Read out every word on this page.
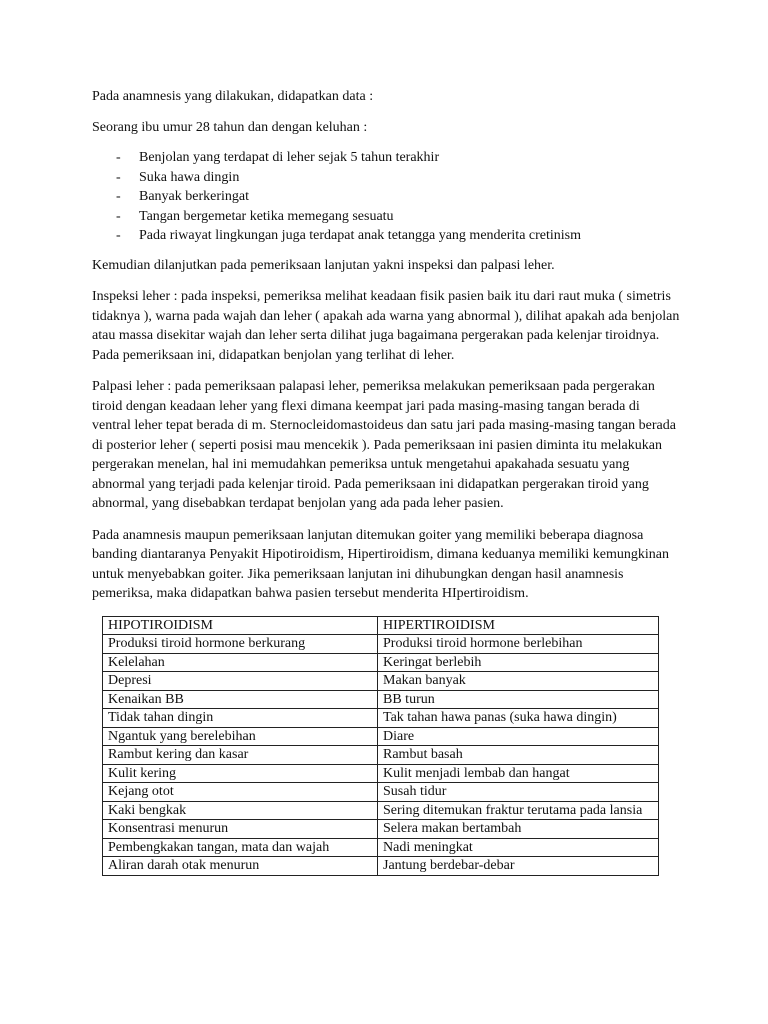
Pada anamnesis yang dilakukan, didapatkan data :

Seorang ibu umur 28 tahun dan dengan keluhan :

- Benjolan yang terdapat di leher sejak 5 tahun terakhir
- Suka hawa dingin
- Banyak berkeringat
- Tangan bergemetar ketika memegang sesuatu
- Pada riwayat lingkungan juga terdapat anak tetangga yang menderita cretinism

Kemudian dilanjutkan pada pemeriksaan lanjutan yakni inspeksi dan palpasi leher.

Inspeksi leher : pada inspeksi, pemeriksa melihat keadaan fisik pasien baik itu dari raut muka ( simetris tidaknya ), warna pada wajah dan leher ( apakah ada warna yang abnormal ), dilihat apakah ada benjolan atau massa disekitar wajah dan leher serta dilihat juga bagaimana pergerakan pada kelenjar tiroidnya. Pada pemeriksaan ini, didapatkan benjolan yang terlihat di leher.

Palpasi leher : pada pemeriksaan palapasi leher, pemeriksa melakukan pemeriksaan pada pergerakan tiroid dengan keadaan leher yang flexi dimana keempat jari pada masing-masing tangan berada di ventral leher tepat berada di m. Sternocleidomastoideus dan satu jari pada masing-masing tangan berada di posterior leher ( seperti posisi mau mencekik ). Pada pemeriksaan ini pasien diminta itu melakukan pergerakan menelan, hal ini memudahkan pemeriksa untuk mengetahui apakahada sesuatu yang abnormal yang terjadi pada kelenjar tiroid. Pada pemeriksaan ini didapatkan pergerakan tiroid yang abnormal, yang disebabkan terdapat benjolan yang ada pada leher pasien.

Pada anamnesis maupun pemeriksaan lanjutan ditemukan goiter yang memiliki beberapa diagnosa banding diantaranya Penyakit Hipotiroidism, Hipertiroidism, dimana keduanya memiliki kemungkinan untuk menyebabkan goiter. Jika pemeriksaan lanjutan ini dihubungkan dengan hasil anamnesis pemeriksa, maka didapatkan bahwa pasien tersebut menderita HIpertiroidism.

HIPOTIROIDISM	HIPERTIROIDISM
Produksi tiroid hormone berkurang	Produksi tiroid hormone berlebihan
Kelelahan	Keringat berlebih
Depresi	Makan banyak
Kenaikan BB	BB turun
Tidak tahan dingin	Tak tahan hawa panas (suka hawa dingin)
Ngantuk yang berelebihan	Diare
Rambut kering dan kasar	Rambut basah
Kulit kering	Kulit menjadi lembab dan hangat
Kejang otot	Susah tidur
Kaki bengkak	Sering ditemukan fraktur terutama pada lansia
Konsentrasi menurun	Selera makan bertambah
Pembengkakan tangan, mata dan wajah	Nadi meningkat
Aliran darah otak menurun	Jantung berdebar-debar
